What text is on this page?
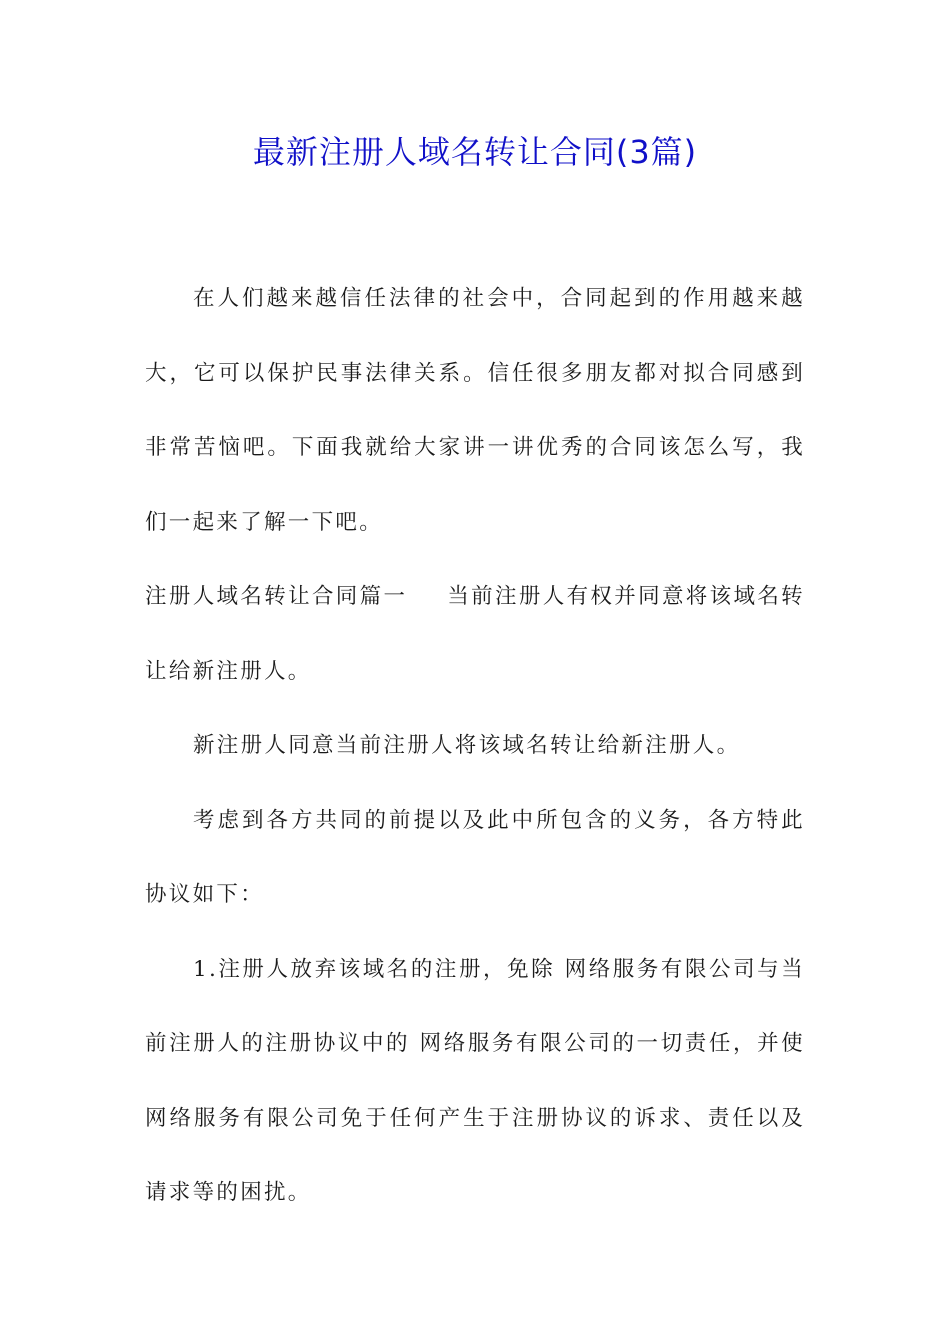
最新注册人域名转让合同(3篇)

在人们越来越信任法律的社会中，合同起到的作用越来越大，它可以保护民事法律关系。信任很多朋友都对拟合同感到非常苦恼吧。下面我就给大家讲一讲优秀的合同该怎么写，我们一起来了解一下吧。

注册人域名转让合同篇一 当前注册人有权并同意将该域名转让给新注册人。

新注册人同意当前注册人将该域名转让给新注册人。

考虑到各方共同的前提以及此中所包含的义务，各方特此协议如下：

1.注册人放弃该域名的注册，免除 网络服务有限公司与当前注册人的注册协议中的 网络服务有限公司的一切责任，并使 网络服务有限公司免于任何产生于注册协议的诉求、责任以及请求等的困扰。
